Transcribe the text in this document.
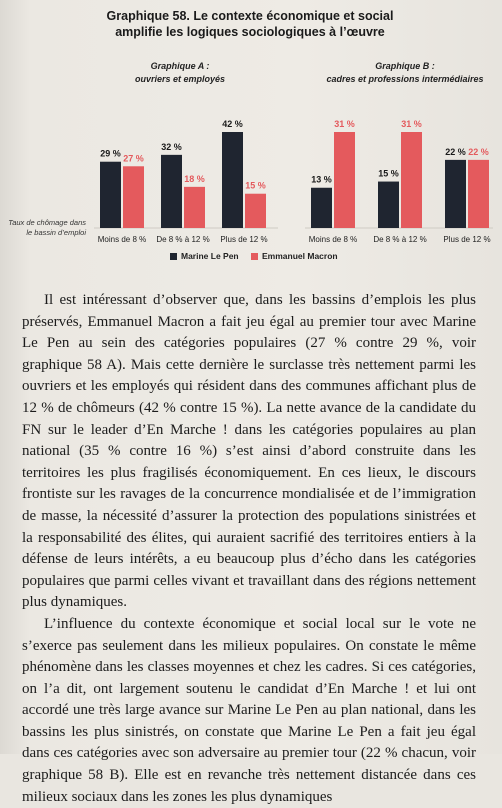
Graphique 58. Le contexte économique et social
amplifie les logiques sociologiques à l’œuvre
Graphique A :
ouvriers et employés
Graphique B :
cadres et professions intermédiaires
29 % 27 %
Moins de 8 %
32 %
18 %
De 8 % à 12 %
42 %
15 %
Plus de 12 %
13 %
31 %
Moins de 8 %
15 %
31 %
De 8 % à 12 %
22 % 22 %
Plus de 12 %
Taux de chômage dans
le bassin d’emploi
Marine Le Pen	Emmanuel Macron

Il est intéressant d’observer que, dans les bassins d’emplois les plus préservés, Emmanuel Macron a fait jeu égal au premier tour avec Marine Le Pen au sein des catégories populaires (27 % contre 29 %, voir graphique 58 A). Mais cette dernière le surclasse très nettement parmi les ouvriers et les employés qui résident dans des communes affichant plus de 12 % de chômeurs (42 % contre 15 %). La nette avance de la candidate du FN sur le leader d’En Marche ! dans les catégories populaires au plan national (35 % contre 16 %) s’est ainsi d’abord construite dans les territoires les plus fragilisés économiquement. En ces lieux, le discours frontiste sur les ravages de la concurrence mondialisée et de l’immigration de masse, la nécessité d’assurer la protection des populations sinistrées et la responsabilité des élites, qui auraient sacrifié des territoires entiers à la défense de leurs intérêts, a eu beaucoup plus d’écho dans les catégories populaires que parmi celles vivant et travaillant dans des régions nettement plus dynamiques.

L’influence du contexte économique et social local sur le vote ne s’exerce pas seulement dans les milieux populaires. On constate le même phénomène dans les classes moyennes et chez les cadres. Si ces catégories, on l’a dit, ont largement soutenu le candidat d’En Marche ! et lui ont accordé une très large avance sur Marine Le Pen au plan national, dans les bassins les plus sinistrés, on constate que Marine Le Pen a fait jeu égal dans ces catégories avec son adversaire au premier tour (22 % chacun, voir graphique 58 B). Elle est en revanche très nettement distancée dans ces milieux sociaux dans les zones les plus dynamiques
